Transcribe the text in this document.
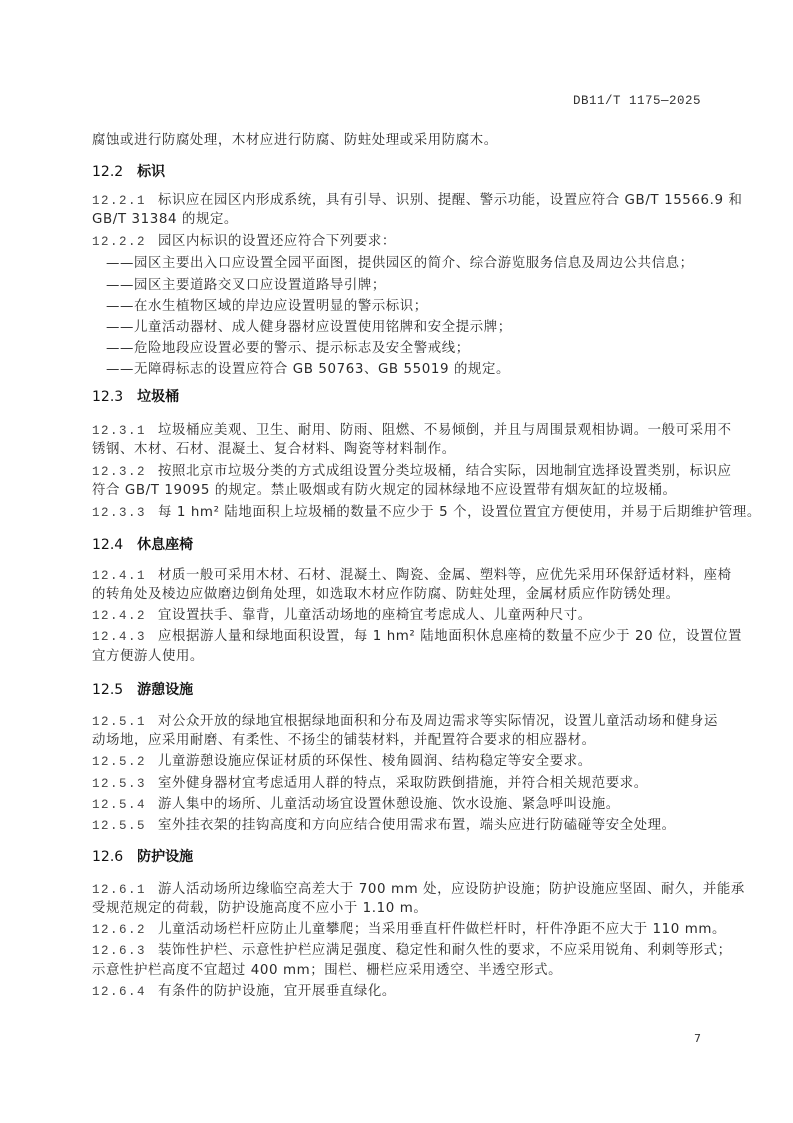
DB11/T 1175—2025
腐蚀或进行防腐处理，木材应进行防腐、防蛀处理或采用防腐木。
12.2 标识
12.2.1 标识应在园区内形成系统，具有引导、识别、提醒、警示功能，设置应符合 GB/T 15566.9 和
GB/T 31384 的规定。
12.2.2 园区内标识的设置还应符合下列要求：
——园区主要出入口应设置全园平面图，提供园区的简介、综合游览服务信息及周边公共信息；
——园区主要道路交叉口应设置道路导引牌；
——在水生植物区域的岸边应设置明显的警示标识；
——儿童活动器材、成人健身器材应设置使用铭牌和安全提示牌；
——危险地段应设置必要的警示、提示标志及安全警戒线；
——无障碍标志的设置应符合 GB 50763、GB 55019 的规定。
12.3 垃圾桶
12.3.1 垃圾桶应美观、卫生、耐用、防雨、阻燃、不易倾倒，并且与周围景观相协调。一般可采用不
锈钢、木材、石材、混凝土、复合材料、陶瓷等材料制作。
12.3.2 按照北京市垃圾分类的方式成组设置分类垃圾桶，结合实际，因地制宜选择设置类别，标识应
符合 GB/T 19095 的规定。禁止吸烟或有防火规定的园林绿地不应设置带有烟灰缸的垃圾桶。
12.3.3 每 1 hm² 陆地面积上垃圾桶的数量不应少于 5 个，设置位置宜方便使用，并易于后期维护管理。
12.4 休息座椅
12.4.1 材质一般可采用木材、石材、混凝土、陶瓷、金属、塑料等，应优先采用环保舒适材料，座椅
的转角处及棱边应做磨边倒角处理，如选取木材应作防腐、防蛀处理，金属材质应作防锈处理。
12.4.2 宜设置扶手、靠背，儿童活动场地的座椅宜考虑成人、儿童两种尺寸。
12.4.3 应根据游人量和绿地面积设置，每 1 hm² 陆地面积休息座椅的数量不应少于 20 位，设置位置
宜方便游人使用。
12.5 游憩设施
12.5.1 对公众开放的绿地宜根据绿地面积和分布及周边需求等实际情况，设置儿童活动场和健身运
动场地，应采用耐磨、有柔性、不扬尘的铺装材料，并配置符合要求的相应器材。
12.5.2 儿童游憩设施应保证材质的环保性、棱角圆润、结构稳定等安全要求。
12.5.3 室外健身器材宜考虑适用人群的特点，采取防跌倒措施，并符合相关规范要求。
12.5.4 游人集中的场所、儿童活动场宜设置休憩设施、饮水设施、紧急呼叫设施。
12.5.5 室外挂衣架的挂钩高度和方向应结合使用需求布置，端头应进行防磕碰等安全处理。
12.6 防护设施
12.6.1 游人活动场所边缘临空高差大于 700 mm 处，应设防护设施；防护设施应坚固、耐久，并能承
受规范规定的荷载，防护设施高度不应小于 1.10 m。
12.6.2 儿童活动场栏杆应防止儿童攀爬；当采用垂直杆件做栏杆时，杆件净距不应大于 110 mm。
12.6.3 装饰性护栏、示意性护栏应满足强度、稳定性和耐久性的要求，不应采用锐角、利刺等形式；
示意性护栏高度不宜超过 400 mm；围栏、栅栏应采用透空、半透空形式。
12.6.4 有条件的防护设施，宜开展垂直绿化。
7
